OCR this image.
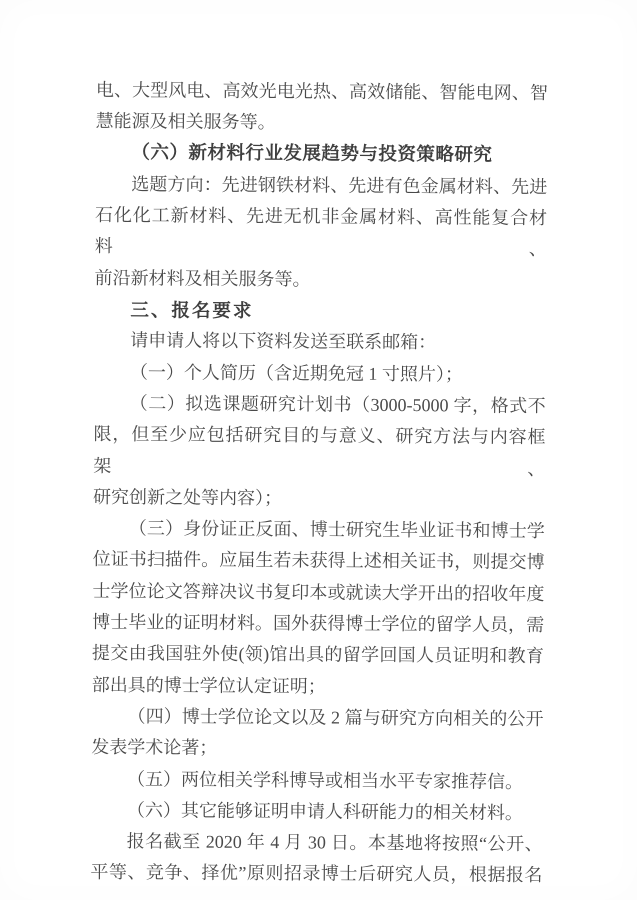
电、大型风电、高效光电光热、高效储能、智能电网、智
慧能源及相关服务等。
（六）新材料行业发展趋势与投资策略研究
选题方向：先进钢铁材料、先进有色金属材料、先进
石化化工新材料、先进无机非金属材料、高性能复合材料、
前沿新材料及相关服务等。
三、报名要求
请申请人将以下资料发送至联系邮箱：
（一）个人简历（含近期免冠 1 寸照片）；
（二）拟选课题研究计划书（3000-5000 字，格式不
限，但至少应包括研究目的与意义、研究方法与内容框架、
研究创新之处等内容）；
（三）身份证正反面、博士研究生毕业证书和博士学
位证书扫描件。应届生若未获得上述相关证书，则提交博
士学位论文答辩决议书复印本或就读大学开出的招收年度
博士毕业的证明材料。国外获得博士学位的留学人员，需
提交由我国驻外使(领)馆出具的留学回国人员证明和教育
部出具的博士学位认定证明；
（四）博士学位论文以及 2 篇与研究方向相关的公开
发表学术论著；
（五）两位相关学科博导或相当水平专家推荐信。
（六）其它能够证明申请人科研能力的相关材料。
报名截至 2020 年 4 月 30 日。本基地将按照“公开、
平等、竞争、择优”原则招录博士后研究人员，根据报名
